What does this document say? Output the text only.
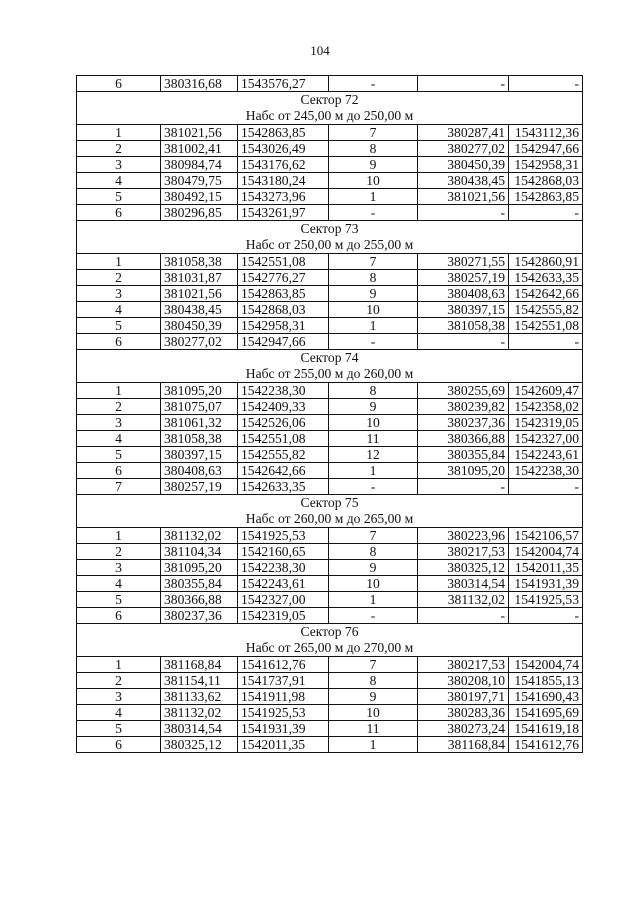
104
6	380316,68	1543576,27	-	-	-
Сектор 72					
Набс от 245,00 м до 250,00 м					
1	381021,56	1542863,85	7	380287,41	1543112,36
2	381002,41	1543026,49	8	380277,02	1542947,66
3	380984,74	1543176,62	9	380450,39	1542958,31
4	380479,75	1543180,24	10	380438,45	1542868,03
5	380492,15	1543273,96	1	381021,56	1542863,85
6	380296,85	1543261,97	-	-	-
Сектор 73					
Набс от 250,00 м до 255,00 м					
1	381058,38	1542551,08	7	380271,55	1542860,91
2	381031,87	1542776,27	8	380257,19	1542633,35
3	381021,56	1542863,85	9	380408,63	1542642,66
4	380438,45	1542868,03	10	380397,15	1542555,82
5	380450,39	1542958,31	1	381058,38	1542551,08
6	380277,02	1542947,66	-	-	-
Сектор 74					
Набс от 255,00 м до 260,00 м					
1	381095,20	1542238,30	8	380255,69	1542609,47
2	381075,07	1542409,33	9	380239,82	1542358,02
3	381061,32	1542526,06	10	380237,36	1542319,05
4	381058,38	1542551,08	11	380366,88	1542327,00
5	380397,15	1542555,82	12	380355,84	1542243,61
6	380408,63	1542642,66	1	381095,20	1542238,30
7	380257,19	1542633,35	-	-	-
Сектор 75					
Набс от 260,00 м до 265,00 м					
1	381132,02	1541925,53	7	380223,96	1542106,57
2	381104,34	1542160,65	8	380217,53	1542004,74
3	381095,20	1542238,30	9	380325,12	1542011,35
4	380355,84	1542243,61	10	380314,54	1541931,39
5	380366,88	1542327,00	1	381132,02	1541925,53
6	380237,36	1542319,05	-	-	-
Сектор 76					
Набс от 265,00 м до 270,00 м					
1	381168,84	1541612,76	7	380217,53	1542004,74
2	381154,11	1541737,91	8	380208,10	1541855,13
3	381133,62	1541911,98	9	380197,71	1541690,43
4	381132,02	1541925,53	10	380283,36	1541695,69
5	380314,54	1541931,39	11	380273,24	1541619,18
6	380325,12	1542011,35	1	381168,84	1541612,76
